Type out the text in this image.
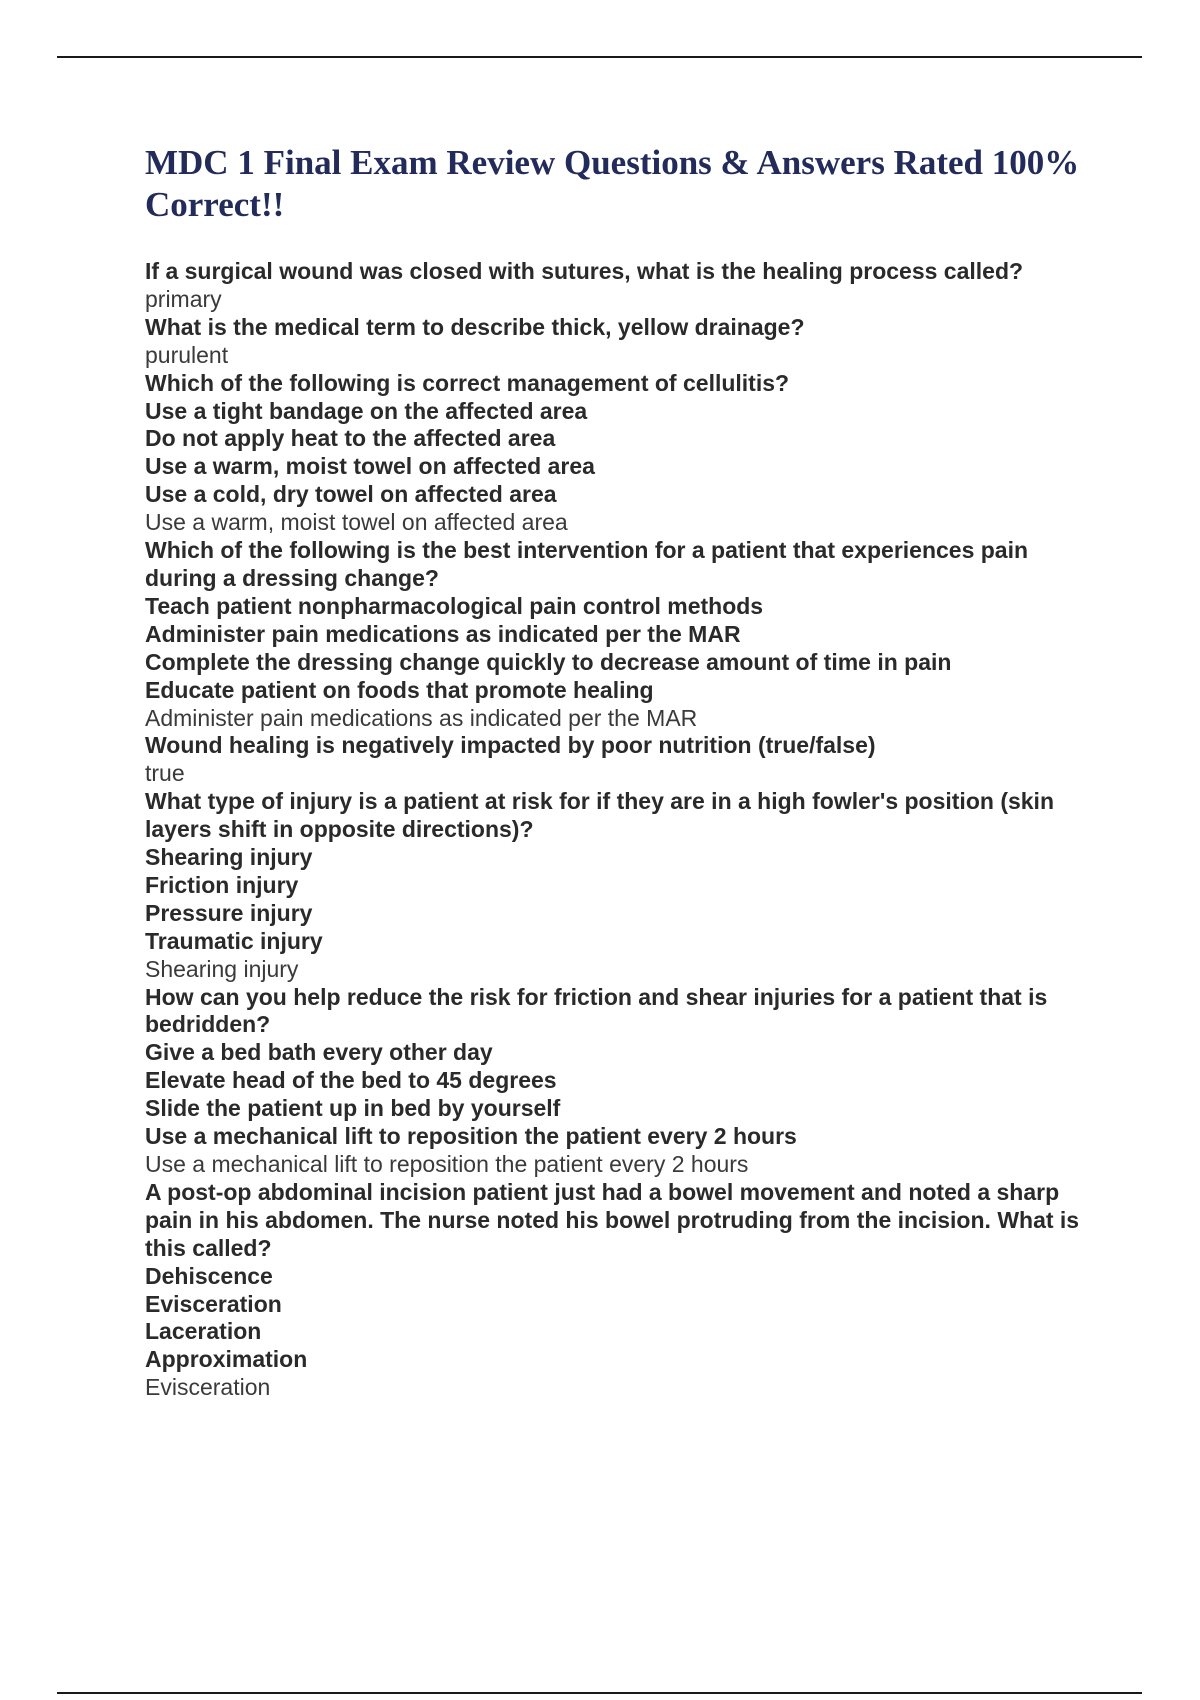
MDC 1 Final Exam Review Questions & Answers Rated 100% Correct!!
If a surgical wound was closed with sutures, what is the healing process called?
primary
What is the medical term to describe thick, yellow drainage?
purulent
Which of the following is correct management of cellulitis?
Use a tight bandage on the affected area
Do not apply heat to the affected area
Use a warm, moist towel on affected area
Use a cold, dry towel on affected area
Use a warm, moist towel on affected area
Which of the following is the best intervention for a patient that experiences pain during a dressing change?
Teach patient nonpharmacological pain control methods
Administer pain medications as indicated per the MAR
Complete the dressing change quickly to decrease amount of time in pain
Educate patient on foods that promote healing
Administer pain medications as indicated per the MAR
Wound healing is negatively impacted by poor nutrition (true/false)
true
What type of injury is a patient at risk for if they are in a high fowler's position (skin layers shift in opposite directions)?
Shearing injury
Friction injury
Pressure injury
Traumatic injury
Shearing injury
How can you help reduce the risk for friction and shear injuries for a patient that is bedridden?
Give a bed bath every other day
Elevate head of the bed to 45 degrees
Slide the patient up in bed by yourself
Use a mechanical lift to reposition the patient every 2 hours
Use a mechanical lift to reposition the patient every 2 hours
A post-op abdominal incision patient just had a bowel movement and noted a sharp pain in his abdomen. The nurse noted his bowel protruding from the incision. What is this called?
Dehiscence
Evisceration
Laceration
Approximation
Evisceration
